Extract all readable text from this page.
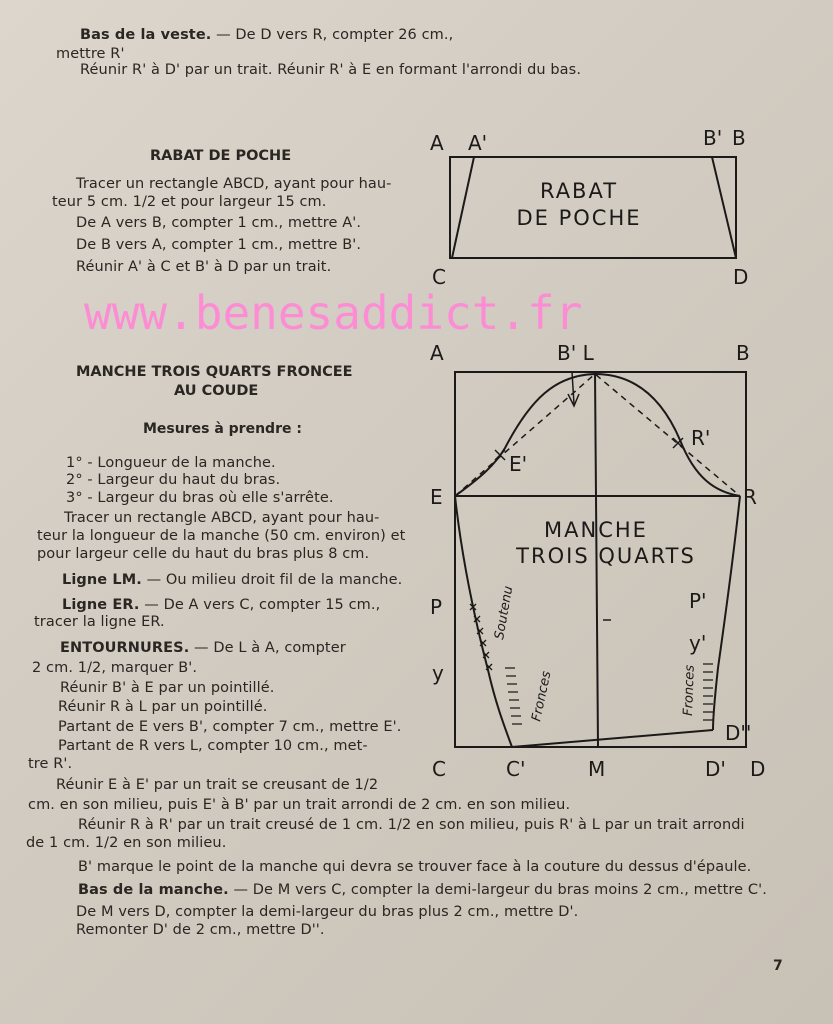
Bas de la veste. — De D vers R, compter 26 cm.,
mettre R'
Réunir R' à D' par un trait. Réunir R' à E en formant l'arrondi du bas.
RABAT DE POCHE
Tracer un rectangle ABCD, ayant pour hau-
teur 5 cm. 1/2 et pour largeur 15 cm.
De A vers B, compter 1 cm., mettre A'.
De B vers A, compter 1 cm., mettre B'.
Réunir A' à C et B' à D par un trait.
www.benesaddict.fr
MANCHE TROIS QUARTS FRONCEE
AU COUDE
Mesures à prendre :
1° - Longueur de la manche.
2° - Largeur du haut du bras.
3° - Largeur du bras où elle s'arrête.
Tracer un rectangle ABCD, ayant pour hau-
teur la longueur de la manche (50 cm. environ) et
pour largeur celle du haut du bras plus 8 cm.
Ligne LM. — Ou milieu droit fil de la manche.
Ligne ER. — De A vers C, compter 15 cm.,
tracer la ligne ER.
ENTOURNURES. — De L à A, compter
2 cm. 1/2, marquer B'.
Réunir B' à E par un pointillé.
Réunir R à L par un pointillé.
Partant de E vers B', compter 7 cm., mettre E'.
Partant de R vers L, compter 10 cm., met-
tre R'.
Réunir E à E' par un trait se creusant de 1/2
cm. en son milieu, puis E' à B' par un trait arrondi de 2 cm. en son milieu.
Réunir R à R' par un trait creusé de 1 cm. 1/2 en son milieu, puis R' à L par un trait arrondi
de 1 cm. 1/2 en son milieu.
B' marque le point de la manche qui devra se trouver face à la couture du dessus d'épaule.
Bas de la manche. — De M vers C, compter la demi-largeur du bras moins 2 cm., mettre C'.
De M vers D, compter la demi-largeur du bras plus 2 cm., mettre D'.
Remonter D' de 2 cm., mettre D''.
7
A A'	B' B
C	D
RABAT
DE POCHE
A	B' L	B
R'
E'
E	R
MANCHE
TROIS QUARTS
P	P'
y
y'
Soutenu
Fronces	Fronces
D''
C	C'	M	D' D
